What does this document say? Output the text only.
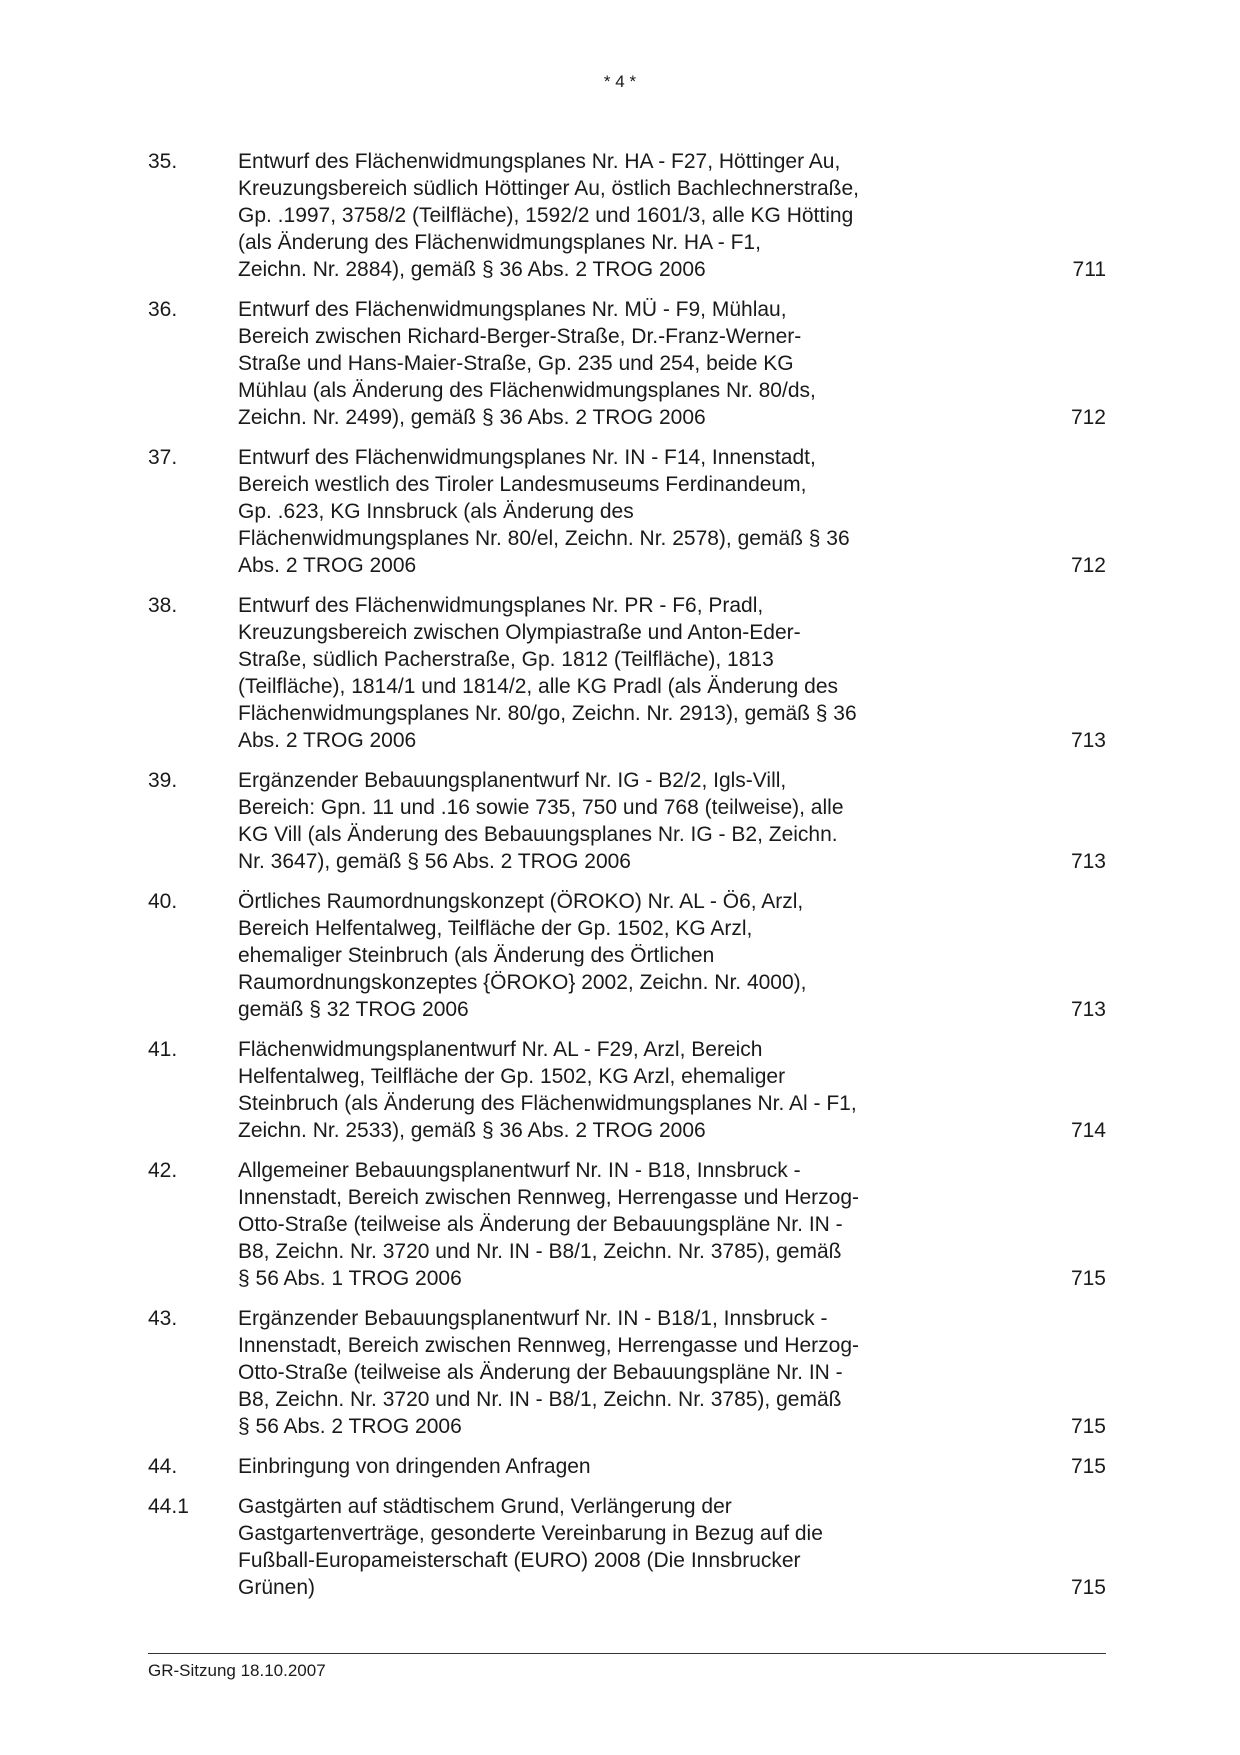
* 4 *
35.	Entwurf des Flächenwidmungsplanes Nr. HA - F27, Höttinger Au,
Kreuzungsbereich südlich Höttinger Au, östlich Bachlechnerstraße,
Gp. .1997, 3758/2 (Teilfläche), 1592/2 und 1601/3, alle KG Hötting
(als Änderung des Flächenwidmungsplanes Nr. HA - F1,
Zeichn. Nr. 2884), gemäß § 36 Abs. 2 TROG 2006	711
36.	Entwurf des Flächenwidmungsplanes Nr. MÜ - F9, Mühlau,
Bereich zwischen Richard-Berger-Straße, Dr.-Franz-Werner-
Straße und Hans-Maier-Straße, Gp. 235 und 254, beide KG
Mühlau (als Änderung des Flächenwidmungsplanes Nr. 80/ds,
Zeichn. Nr. 2499), gemäß § 36 Abs. 2 TROG 2006	712
37.	Entwurf des Flächenwidmungsplanes Nr. IN - F14, Innenstadt,
Bereich westlich des Tiroler Landesmuseums Ferdinandeum,
Gp. .623, KG Innsbruck (als Änderung des
Flächenwidmungsplanes Nr. 80/el, Zeichn. Nr. 2578), gemäß § 36
Abs. 2 TROG 2006	712
38.	Entwurf des Flächenwidmungsplanes Nr. PR - F6, Pradl,
Kreuzungsbereich zwischen Olympiastraße und Anton-Eder-
Straße, südlich Pacherstraße, Gp. 1812 (Teilfläche), 1813
(Teilfläche), 1814/1 und 1814/2, alle KG Pradl (als Änderung des
Flächenwidmungsplanes Nr. 80/go, Zeichn. Nr. 2913), gemäß § 36
Abs. 2 TROG 2006	713
39.	Ergänzender Bebauungsplanentwurf Nr. IG - B2/2, Igls-Vill,
Bereich: Gpn. 11 und .16 sowie 735, 750 und 768 (teilweise), alle
KG Vill (als Änderung des Bebauungsplanes Nr. IG - B2, Zeichn.
Nr. 3647), gemäß § 56 Abs. 2 TROG 2006	713
40.	Örtliches Raumordnungskonzept (ÖROKO) Nr. AL - Ö6, Arzl,
Bereich Helfentalweg, Teilfläche der Gp. 1502, KG Arzl,
ehemaliger Steinbruch (als Änderung des Örtlichen
Raumordnungskonzeptes {ÖROKO} 2002, Zeichn. Nr. 4000),
gemäß § 32 TROG 2006	713
41.	Flächenwidmungsplanentwurf Nr. AL - F29, Arzl, Bereich
Helfentalweg, Teilfläche der Gp. 1502, KG Arzl, ehemaliger
Steinbruch (als Änderung des Flächenwidmungsplanes Nr. Al - F1,
Zeichn. Nr. 2533), gemäß § 36 Abs. 2 TROG 2006	714
42.	Allgemeiner Bebauungsplanentwurf Nr. IN - B18, Innsbruck -
Innenstadt, Bereich zwischen Rennweg, Herrengasse und Herzog-
Otto-Straße (teilweise als Änderung der Bebauungspläne Nr. IN -
B8, Zeichn. Nr. 3720 und Nr. IN - B8/1, Zeichn. Nr. 3785), gemäß
§ 56 Abs. 1 TROG 2006	715
43.	Ergänzender Bebauungsplanentwurf Nr. IN - B18/1, Innsbruck -
Innenstadt, Bereich zwischen Rennweg, Herrengasse und Herzog-
Otto-Straße (teilweise als Änderung der Bebauungspläne Nr. IN -
B8, Zeichn. Nr. 3720 und Nr. IN - B8/1, Zeichn. Nr. 3785), gemäß
§ 56 Abs. 2 TROG 2006	715
44.	Einbringung von dringenden Anfragen	715
44.1 Gastgärten auf städtischem Grund, Verlängerung der
Gastgartenverträge, gesonderte Vereinbarung in Bezug auf die
Fußball-Europameisterschaft (EURO) 2008 (Die Innsbrucker
Grünen)	715
GR-Sitzung 18.10.2007
